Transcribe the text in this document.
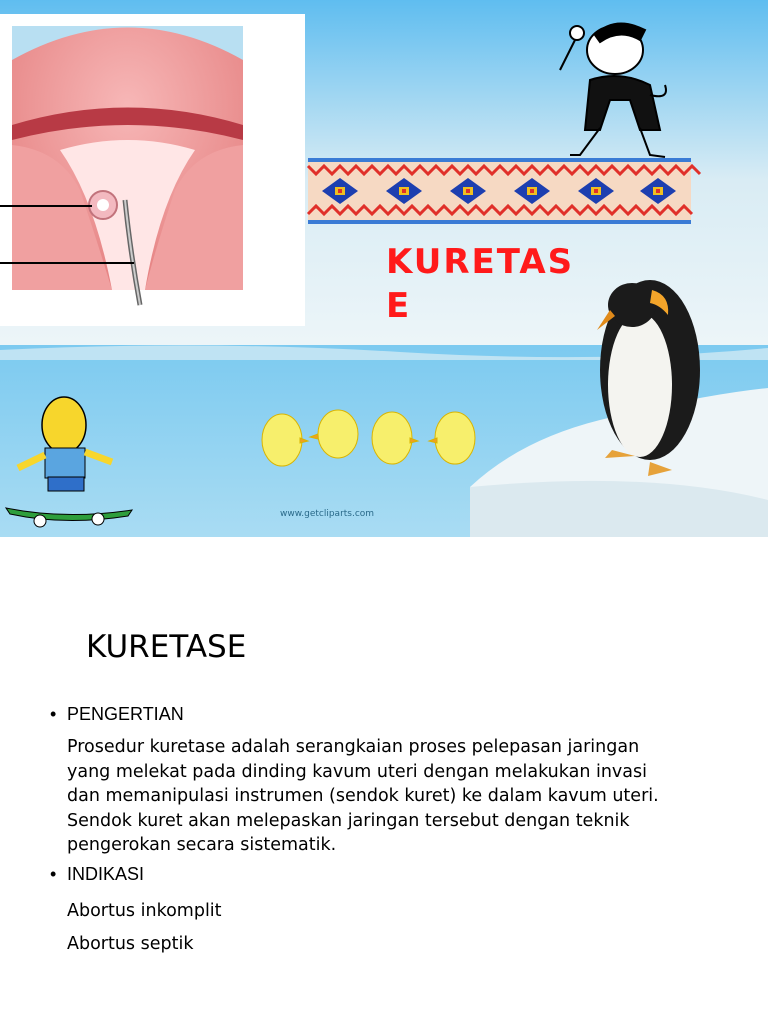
KURETASE
www.getcliparts.com
KURETASE
• PENGERTIAN
Prosedur kuretase adalah serangkaian proses pelepasan jaringan
yang melekat pada dinding kavum uteri dengan melakukan invasi
dan memanipulasi instrumen (sendok kuret) ke dalam kavum uteri.
Sendok kuret akan melepaskan jaringan tersebut dengan teknik
pengerokan secara sistematik.
• INDIKASI
Abortus inkomplit
Abortus septik
